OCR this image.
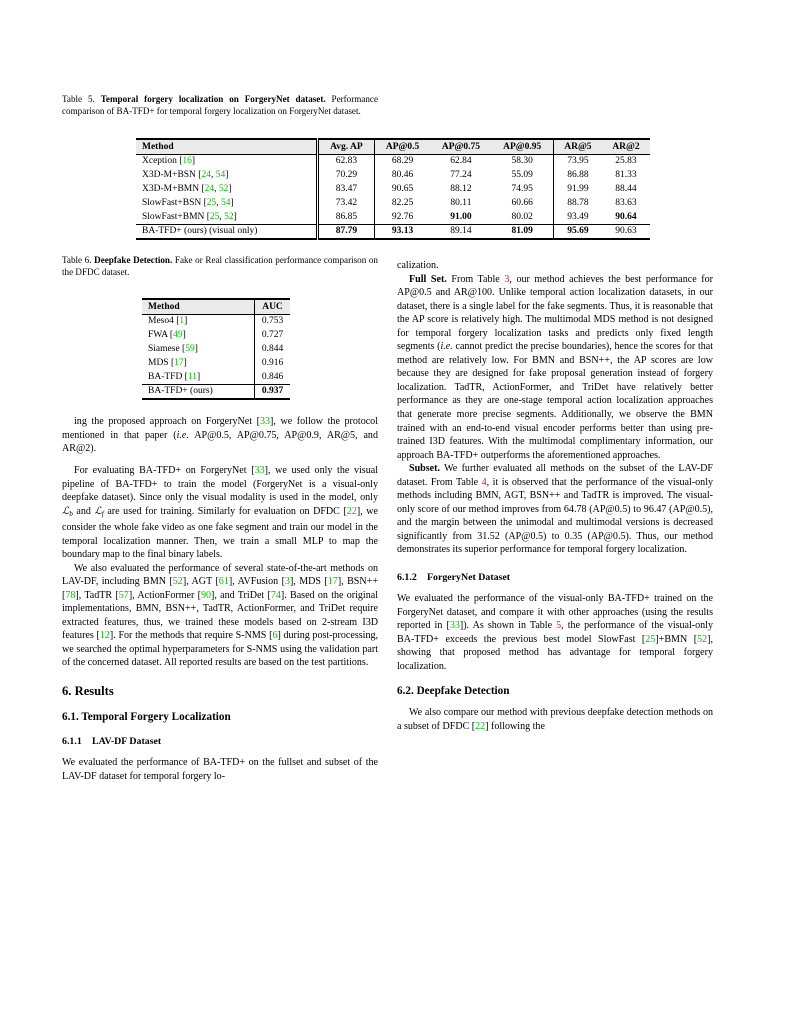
Table 5. Temporal forgery localization on ForgeryNet dataset. Performance comparison of BA-TFD+ for temporal forgery localization on ForgeryNet dataset.
Table 6. Deepfake Detection. Fake or Real classification performance comparison on the DFDC dataset.

ing the proposed approach on ForgeryNet [33], we follow the protocol mentioned in that paper (i.e. AP@0.5, AP@0.75, AP@0.9, AR@5, and AR@2).

For evaluating BA-TFD+ on ForgeryNet [33], we used only the visual pipeline of BA-TFD+ to train the model (ForgeryNet is a visual-only deepfake dataset). Since only the visual modality is used in the model, only ℒ$_b$ and ℒ$_f$ are used for training. Similarly for evaluation on DFDC [22], we consider the whole fake video as one fake segment and train our model in the temporal localization manner. Then, we train a small MLP to map the boundary map to the final binary labels.

We also evaluated the performance of several state-of-the-art methods on LAV-DF, including BMN [52], AGT [61], AVFusion [3], MDS [17], BSN++ [78], TadTR [57], ActionFormer [90], and TriDet [74]. Based on the original implementations, BMN, BSN++, TadTR, ActionFormer, and TriDet require extracted features, thus, we trained these models based on 2-stream I3D features [12]. For the methods that require S-NMS [6] during post-processing, we searched the optimal hyperparameters for S-NMS using the validation part of the concerned dataset. All reported results are based on the test partitions.

6. Results
6.1. Temporal Forgery Localization
6.1.1 LAV-DF Dataset

We evaluated the performance of BA-TFD+ on the fullset and subset of the LAV-DF dataset for temporal forgery lo-

Method	Avg. AP	AP@0.5	AP@0.75	AP@0.95	AR@5	AR@2
Xception [16]	62.83	68.29	62.84	58.30	73.95	25.83
X3D-M+BSN [24, 54]	70.29	80.46	77.24	55.09	86.88	81.33
X3D-M+BMN [24, 52]	83.47	90.65	88.12	74.95	91.99	88.44
SlowFast+BSN [25, 54]	73.42	82.25	80.11	60.66	88.78	83.63
SlowFast+BMN [25, 52]	86.85	92.76	91.00	80.02	93.49	90.64
BA-TFD+ (ours) (visual only)	87.79	93.13	89.14	81.09	95.69	90.63
Method	AUC
Meso4 [1]	0.753
FWA [49]	0.727
Siamese [59]	0.844
MDS [17]	0.916
BA-TFD [11]	0.846
BA-TFD+ (ours)	0.937

calization.

Full Set. From Table 3, our method achieves the best performance for AP@0.5 and AR@100. Unlike temporal action localization datasets, in our dataset, there is a single label for the fake segments. Thus, it is reasonable that the AP score is relatively high. The multimodal MDS method is not designed for temporal forgery localization tasks and predicts only fixed length segments (i.e. cannot predict the precise boundaries), hence the scores for that method are relatively low. For BMN and BSN++, the AP scores are low because they are designed for fake proposal generation instead of forgery localization. TadTR, ActionFormer, and TriDet have relatively better performance as they are one-stage temporal action localization approaches that generate more precise segments. Additionally, we observe the BMN trained with an end-to-end visual encoder performs better than using pre-trained I3D features. With the multimodal complimentary information, our approach BA-TFD+ outperforms the aforementioned approaches.

Subset. We further evaluated all methods on the subset of the LAV-DF dataset. From Table 4, it is observed that the performance of the visual-only methods including BMN, AGT, BSN++ and TadTR is improved. The visual-only score of our method improves from 64.78 (AP@0.5) to 96.47 (AP@0.5), and the margin between the unimodal and multimodal versions is decreased significantly from 31.52 (AP@0.5) to 0.35 (AP@0.5). Thus, our method demonstrates its superior performance for temporal forgery localization.

6.1.2 ForgeryNet Dataset

We evaluated the performance of the visual-only BA-TFD+ trained on the ForgeryNet dataset, and compare it with other approaches (using the results reported in [33]). As shown in Table 5, the performance of the visual-only BA-TFD+ exceeds the previous best model SlowFast [25]+BMN [52], showing that proposed method has advantage for temporal forgery localization.

6.2. Deepfake Detection

We also compare our method with previous deepfake detection methods on a subset of DFDC [22] following the
